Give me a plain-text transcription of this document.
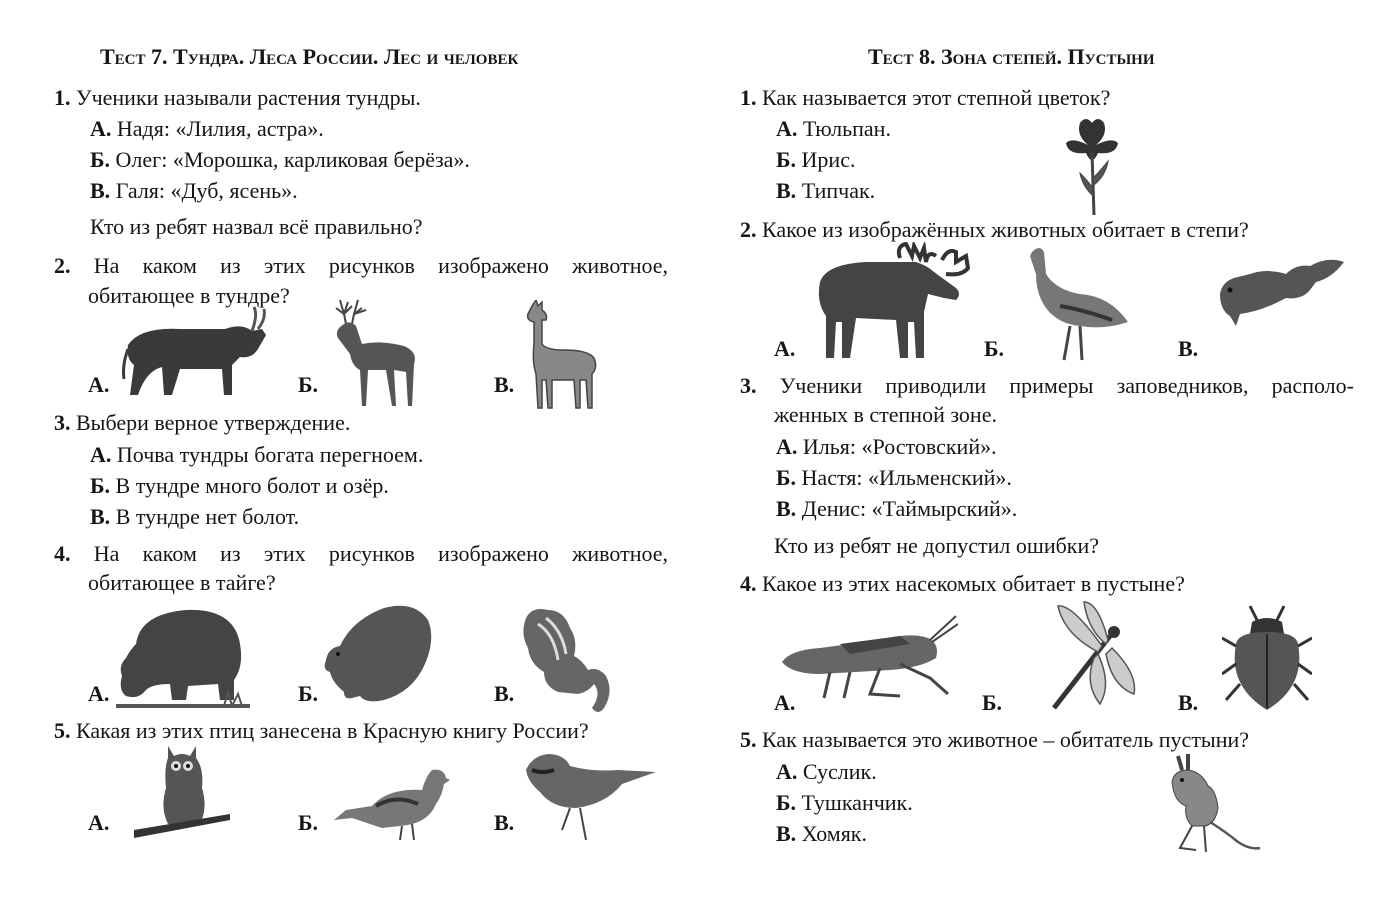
Тест 7. Тундра. Леса России. Лес и человек
1. Ученики называли растения тундры.
А. Надя: «Лилия, астра».
Б. Олег: «Морошка, карликовая берёза».
В. Галя: «Дуб, ясень».
Кто из ребят назвал всё правильно?
2. На каком из этих рисунков изображено животное,
обитающее в тундре?
А.	Б.	В.
3. Выбери верное утверждение.
А. Почва тундры богата перегноем.
Б. В тундре много болот и озёр.
В. В тундре нет болот.
4. На каком из этих рисунков изображено животное,
обитающее в тайге?
А.	Б.	В.
5. Какая из этих птиц занесена в Красную книгу России?
А.	Б.	В.
Тест 8. Зона степей. Пустыни
1. Как называется этот степной цветок?
А. Тюльпан.
Б. Ирис.
В. Типчак.
2. Какое из изображённых животных обитает в степи?
А.	Б.	В.
3. Ученики приводили примеры заповедников, располо-
женных в степной зоне.
А. Илья: «Ростовский».
Б. Настя: «Ильменский».
В. Денис: «Таймырский».
Кто из ребят не допустил ошибки?
4. Какое из этих насекомых обитает в пустыне?
А.	Б.	В.
5. Как называется это животное – обитатель пустыни?
А. Суслик.
Б. Тушканчик.
В. Хомяк.
